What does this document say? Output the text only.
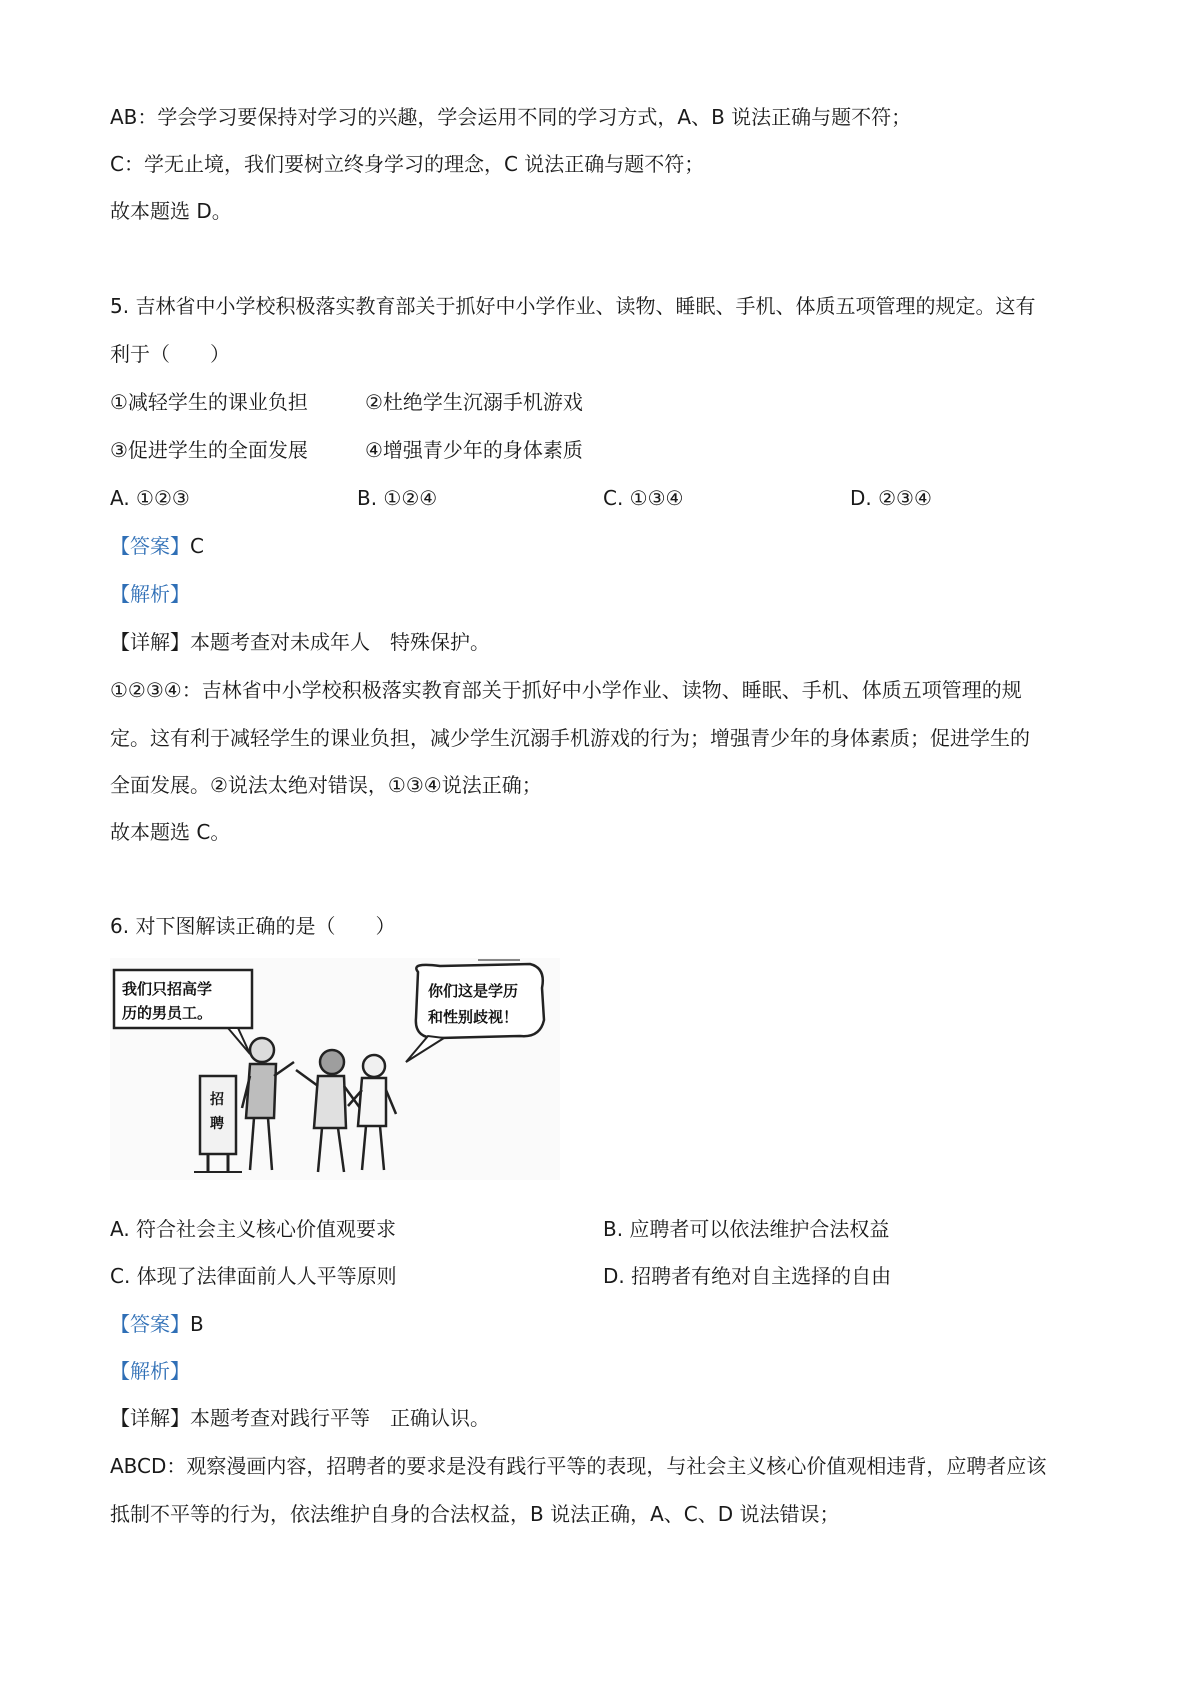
AB：学会学习要保持对学习的兴趣，学会运用不同的学习方式，A、B 说法正确与题不符；
C：学无止境，我们要树立终身学习的理念，C 说法正确与题不符；
故本题选 D。
5. 吉林省中小学校积极落实教育部关于抓好中小学作业、读物、睡眠、手机、体质五项管理的规定。这有
利于（　　）
①减轻学生的课业负担	②杜绝学生沉溺手机游戏
③促进学生的全面发展	④增强青少年的身体素质
A. ①②③	B. ①②④	C. ①③④	D. ②③④
【答案】C
【解析】
【详解】本题考查对未成年人　特殊保护。
①②③④：吉林省中小学校积极落实教育部关于抓好中小学作业、读物、睡眠、手机、体质五项管理的规
定。这有利于减轻学生的课业负担，减少学生沉溺手机游戏的行为；增强青少年的身体素质；促进学生的
全面发展。②说法太绝对错误，①③④说法正确；
故本题选 C。
6. 对下图解读正确的是（　　）
我们只招高学
历的男员工。
你们这是学历
和性别歧视！
招
聘
A. 符合社会主义核心价值观要求	B. 应聘者可以依法维护合法权益
C. 体现了法律面前人人平等原则	D. 招聘者有绝对自主选择的自由
【答案】B
【解析】
【详解】本题考查对践行平等　正确认识。
ABCD：观察漫画内容，招聘者的要求是没有践行平等的表现，与社会主义核心价值观相违背，应聘者应该
抵制不平等的行为，依法维护自身的合法权益，B 说法正确，A、C、D 说法错误；
